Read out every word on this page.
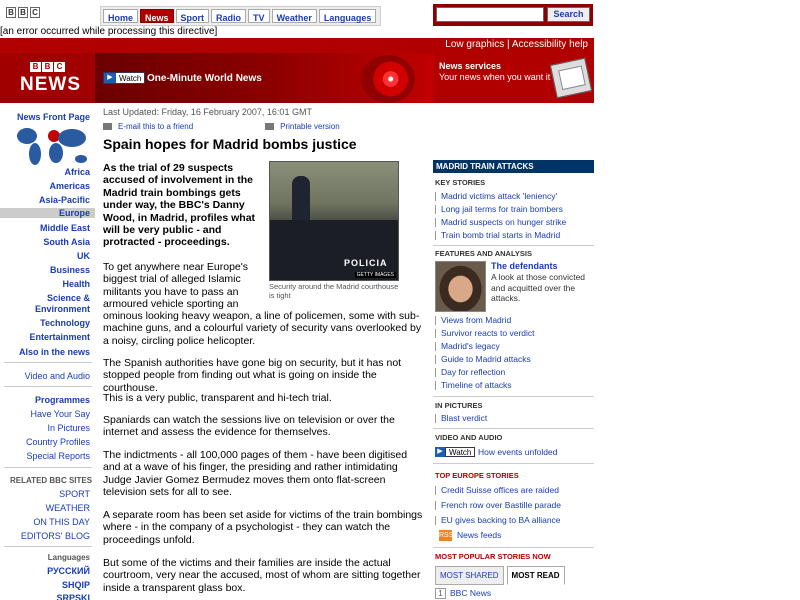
B B C
Home	News	Sport	Radio	TV	Weather	Languages	Search
[an error occurred while processing this directive]
Low graphics | Accessibility help
B B C
NEWS	▶ Watch One-Minute World News
News services
Your news when you want it
News Front Page
Africa
Americas
Asia-Pacific
Europe
Middle East
South Asia
UK
Business
Health
Science &
Environment
Technology
Entertainment
Also in the news
Video and Audio
Programmes
Have Your Say
In Pictures
Country Profiles
Special Reports
RELATED BBC SITES
SPORT
WEATHER
ON THIS DAY
EDITORS' BLOG
Languages
РУССКИЙ
SHQIP
SRPSKI
Last Updated: Friday, 16 February 2007, 16:01 GMT
E-mail this to a friend	Printable version
Spain hopes for Madrid bombs justice
As the trial of 29 suspects accused of involvement in the Madrid train bombings gets under way, the BBC's Danny Wood, in Madrid, profiles what will be very public - and protracted - proceedings.
POLICIA
GETTY IMAGES
Security around the Madrid courthouse is tight
To get anywhere near Europe's biggest trial of alleged Islamic militants you have to pass an armoured vehicle sporting an
ominous looking heavy weapon, a line of policemen, some with sub-machine guns, and a colourful variety of security vans overlooked by a noisy, circling police helicopter.
The Spanish authorities have gone big on security, but it has not stopped people from finding out what is going on inside the courthouse.
This is a very public, transparent and hi-tech trial.
Spaniards can watch the sessions live on television or over the internet and assess the evidence for themselves.
The indictments - all 100,000 pages of them - have been digitised and at a wave of his finger, the presiding and rather intimidating Judge Javier Gomez Bermudez moves them onto flat-screen television sets for all to see.
A separate room has been set aside for victims of the train bombings where - in the company of a psychologist - they can watch the proceedings unfold.
But some of the victims and their families are inside the actual courtroom, very near the accused, most of whom are sitting together inside a transparent glass box.
MADRID TRAIN ATTACKS
KEY STORIES
Madrid victims attack 'leniency'
Long jail terms for train bombers
Madrid suspects on hunger strike
Train bomb trial starts in Madrid
FEATURES AND ANALYSIS
The defendants
A look at those convicted and acquitted over the attacks.
Views from Madrid
Survivor reacts to verdict
Madrid's legacy
Guide to Madrid attacks
Day for reflection
Timeline of attacks
IN PICTURES
Blast verdict
VIDEO AND AUDIO
▶ Watch How events unfolded
TOP EUROPE STORIES
Credit Suisse offices are raided
French row over Bastille parade
EU gives backing to BA alliance
RSS News feeds
MOST POPULAR STORIES NOW
MOST SHARED	MOST READ
1 BBC News
